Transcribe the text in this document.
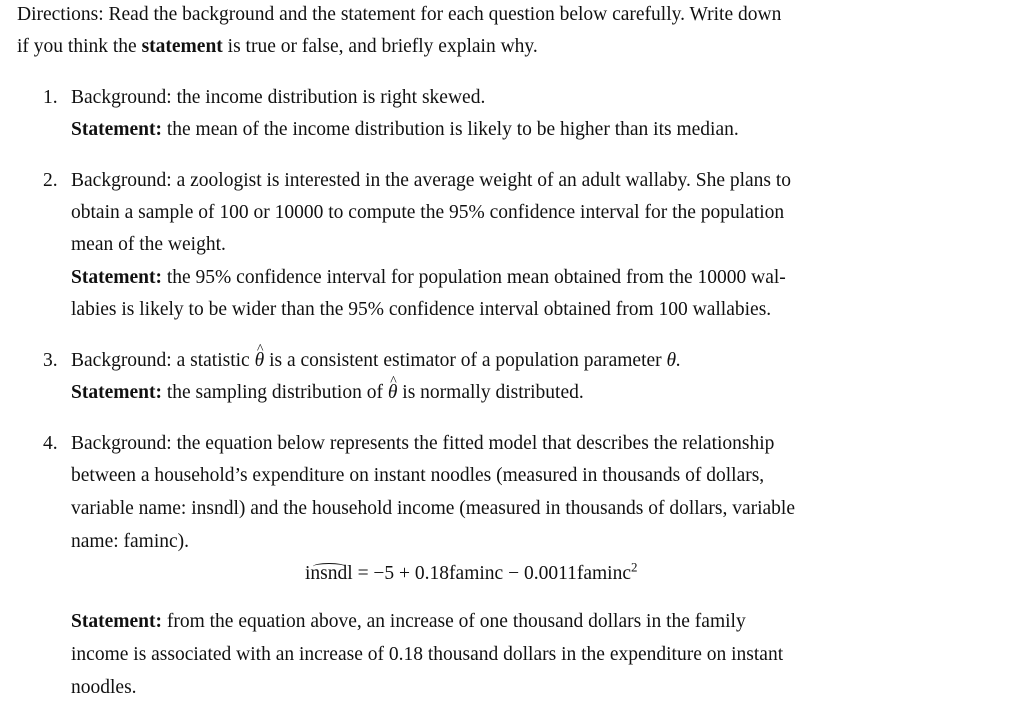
Directions: Read the background and the statement for each question below carefully. Write down

if you think the statement is true or false, and briefly explain why.

1. Background: the income distribution is right skewed.

Statement: the mean of the income distribution is likely to be higher than its median.

2. Background: a zoologist is interested in the average weight of an adult wallaby. She plans to

obtain a sample of 100 or 10000 to compute the 95% confidence interval for the population

mean of the weight.

Statement: the 95% confidence interval for population mean obtained from the 10000 wal-

labies is likely to be wider than the 95% confidence interval obtained from 100 wallabies.

3. Background: a statistic ^ θ is a consistent estimator of a population parameter θ.

Statement: the sampling distribution of ^ θ is normally distributed.

4. Background: the equation below represents the fitted model that describes the relationship

between a household’s expenditure on instant noodles (measured in thousands of dollars,

variable name: insndl) and the household income (measured in thousands of dollars, variable

name: faminc).

insndl = −5 + 0.18faminc − 0.0011faminc$^2$

Statement: from the equation above, an increase of one thousand dollars in the family

income is associated with an increase of 0.18 thousand dollars in the expenditure on instant

noodles.
